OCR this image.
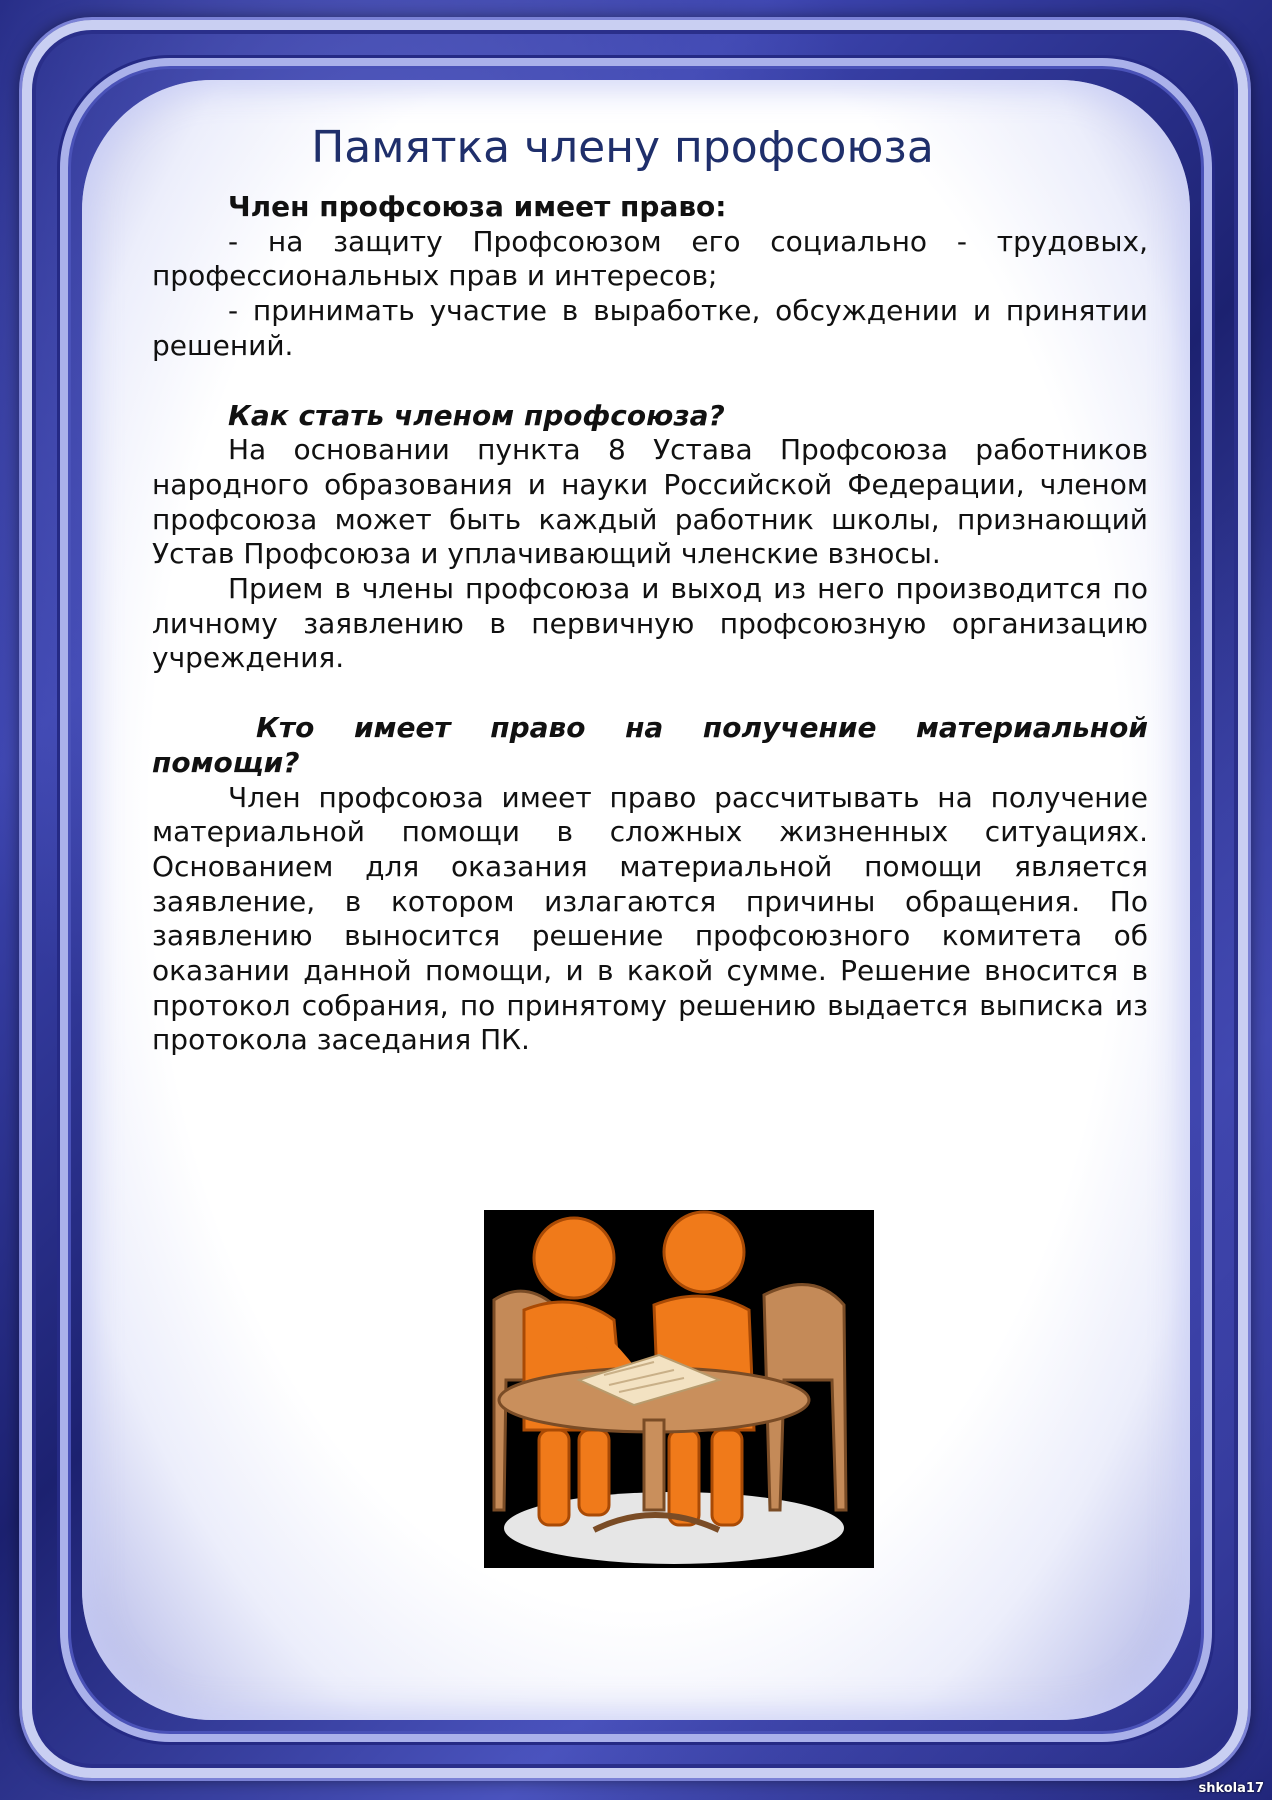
Памятка члену профсоюза

Член профсоюза имеет право:

- на защиту Профсоюзом его социально - трудовых, профессиональных прав и интересов;

- принимать участие в выработке, обсуждении и принятии решений.

Как стать членом профсоюза?

На основании пункта 8 Устава Профсоюза работников народного образования и науки Российской Федерации, членом профсоюза может быть каждый работник школы, признающий Устав Профсоюза и уплачивающий членские взносы.

Прием в члены профсоюза и выход из него производится по личному заявлению в первичную профсоюзную организацию учреждения.

Кто имеет право на получение материальной помощи?

Член профсоюза имеет право рассчитывать на получение материальной помощи в сложных жизненных ситуациях. Основанием для оказания материальной помощи является заявление, в котором излагаются причины обращения. По заявлению выносится решение профсоюзного комитета об оказании данной помощи, и в какой сумме. Решение вносится в протокол собрания, по принятому решению выдается выписка из протокола заседания ПК.

shkola17
